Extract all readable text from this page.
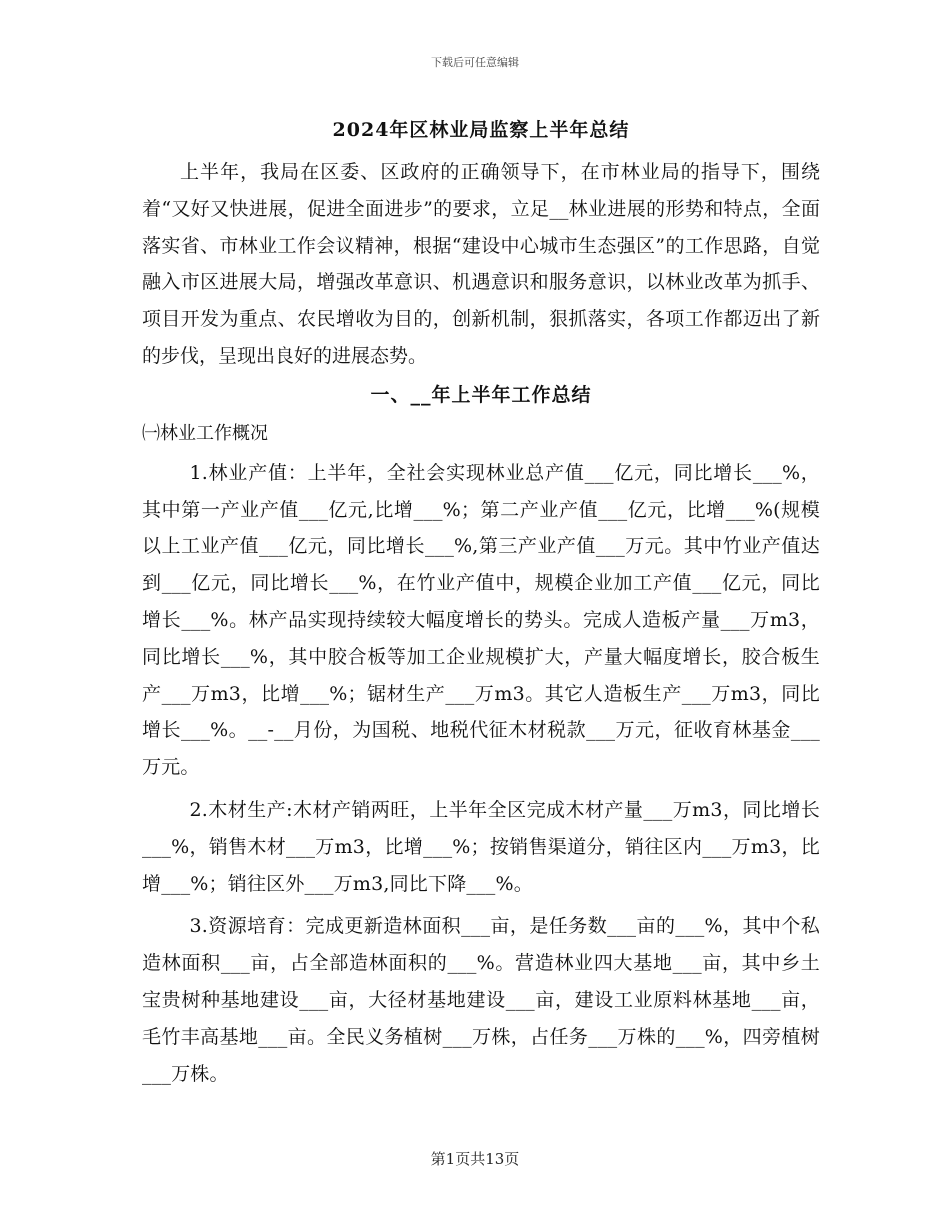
下载后可任意编辑
2024年区林业局监察上半年总结

上半年，我局在区委、区政府的正确领导下，在市林业局的指导下，围绕着“又好又快进展，促进全面进步”的要求，立足__林业进展的形势和特点，全面落实省、市林业工作会议精神，根据“建设中心城市生态强区”的工作思路，自觉融入市区进展大局，增强改革意识、机遇意识和服务意识，以林业改革为抓手、项目开发为重点、农民增收为目的，创新机制，狠抓落实，各项工作都迈出了新的步伐，呈现出良好的进展态势。

一、__年上半年工作总结

㈠林业工作概况

1.林业产值：上半年，全社会实现林业总产值___亿元，同比增长___%，其中第一产业产值___亿元,比增___%；第二产业产值___亿元，比增___%(规模以上工业产值___亿元，同比增长___%,第三产业产值___万元。其中竹业产值达到___亿元，同比增长___%，在竹业产值中，规模企业加工产值___亿元，同比增长___%。林产品实现持续较大幅度增长的势头。完成人造板产量___万m3，同比增长___%，其中胶合板等加工企业规模扩大，产量大幅度增长，胶合板生产___万m3，比增___%；锯材生产___万m3。其它人造板生产___万m3，同比增长___%。__-__月份，为国税、地税代征木材税款___万元，征收育林基金___万元。

2.木材生产:木材产销两旺，上半年全区完成木材产量___万m3，同比增长___%，销售木材___万m3，比增___%；按销售渠道分，销往区内___万m3，比增___%；销往区外___万m3,同比下降___%。

3.资源培育：完成更新造林面积___亩，是任务数___亩的___%，其中个私造林面积___亩，占全部造林面积的___%。营造林业四大基地___亩，其中乡土宝贵树种基地建设___亩，大径材基地建设___亩，建设工业原料林基地___亩，毛竹丰高基地___亩。全民义务植树___万株，占任务___万株的___%，四旁植树___万株。

第1页共13页
